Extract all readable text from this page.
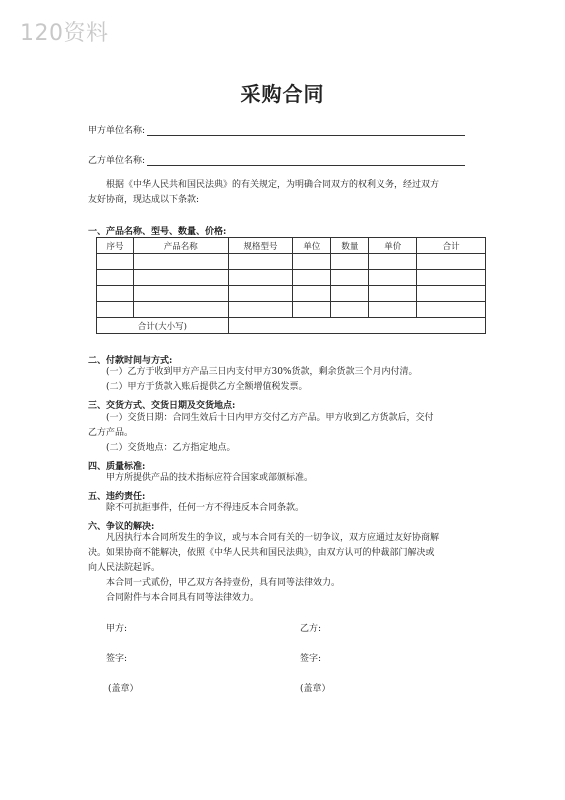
120资料
采购合同
甲方单位名称:
乙方单位名称:
根据《中华人民共和国民法典》的有关规定，为明确合同双方的权利义务，经过双方
友好协商，现达成以下条款:
一、产品名称、型号、数量、价格:
序号	产品名称	规格型号	单位	数量	单价	合计

合计(大小写)						
二、付款时间与方式:
(一）乙方于收到甲方产品三日内支付甲方30%货款，剩余货款三个月内付清。
(二）甲方于货款入账后提供乙方全额增值税发票。
三、交货方式、交货日期及交货地点:
(一）交货日期：合同生效后十日内甲方交付乙方产品。甲方收到乙方货款后，交付
乙方产品。
(二）交货地点：乙方指定地点。
四、质量标准:
甲方所提供产品的技术指标应符合国家或部颁标准。
五、违约责任:
除不可抗拒事件，任何一方不得违反本合同条款。
六、争议的解决:
凡因执行本合同所发生的争议，或与本合同有关的一切争议，双方应通过友好协商解
决。如果协商不能解决，依照《中华人民共和国民法典》，由双方认可的仲裁部门解决或
向人民法院起诉。
本合同一式贰份，甲乙双方各持壹份，具有同等法律效力。
合同附件与本合同具有同等法律效力。
甲方:	乙方:
签字:	签字:
(盖章）	(盖章）
